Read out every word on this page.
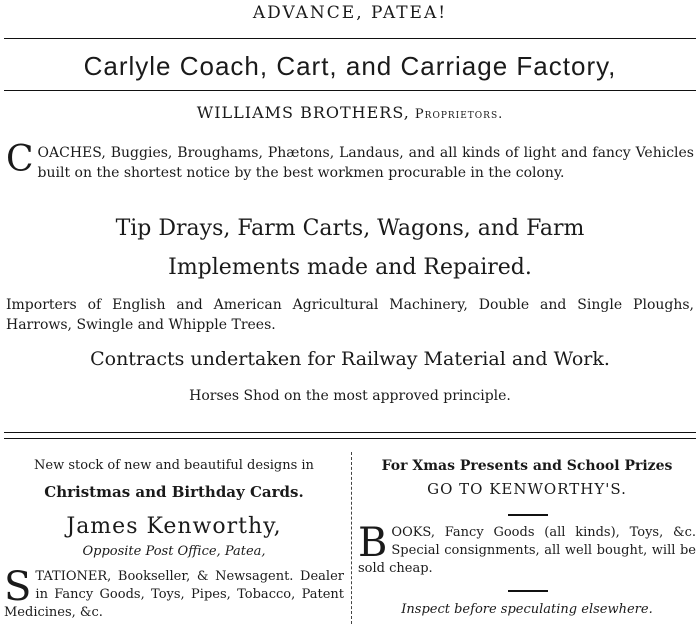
ADVANCE, PATEA!
Carlyle Coach, Cart, and Carriage Factory,
WILLIAMS BROTHERS, Proprietors.
C OACHES, Buggies, Broughams, Phætons, Landaus, and all kinds of light and fancy Vehicles built on the shortest notice by the best workmen procurable in the colony.
Tip Drays, Farm Carts, Wagons, and Farm
Implements made and Repaired.
Importers of English and American Agricultural Machinery, Double and Single Ploughs, Harrows, Swingle and Whipple Trees.
Contracts undertaken for Railway Material and Work.
Horses Shod on the most approved principle.
New stock of new and beautiful designs in
Christmas and Birthday Cards.
James Kenworthy,
Opposite Post Office, Patea,
S TATIONER, Bookseller, & Newsagent. Dealer in Fancy Goods, Toys, Pipes, Tobacco, Patent Medicines, &c.
For Xmas Presents and School Prizes
GO TO KENWORTHY'S.
B OOKS, Fancy Goods (all kinds), Toys, &c. Special consignments, all well bought, will be sold cheap.
Inspect before speculating elsewhere.
